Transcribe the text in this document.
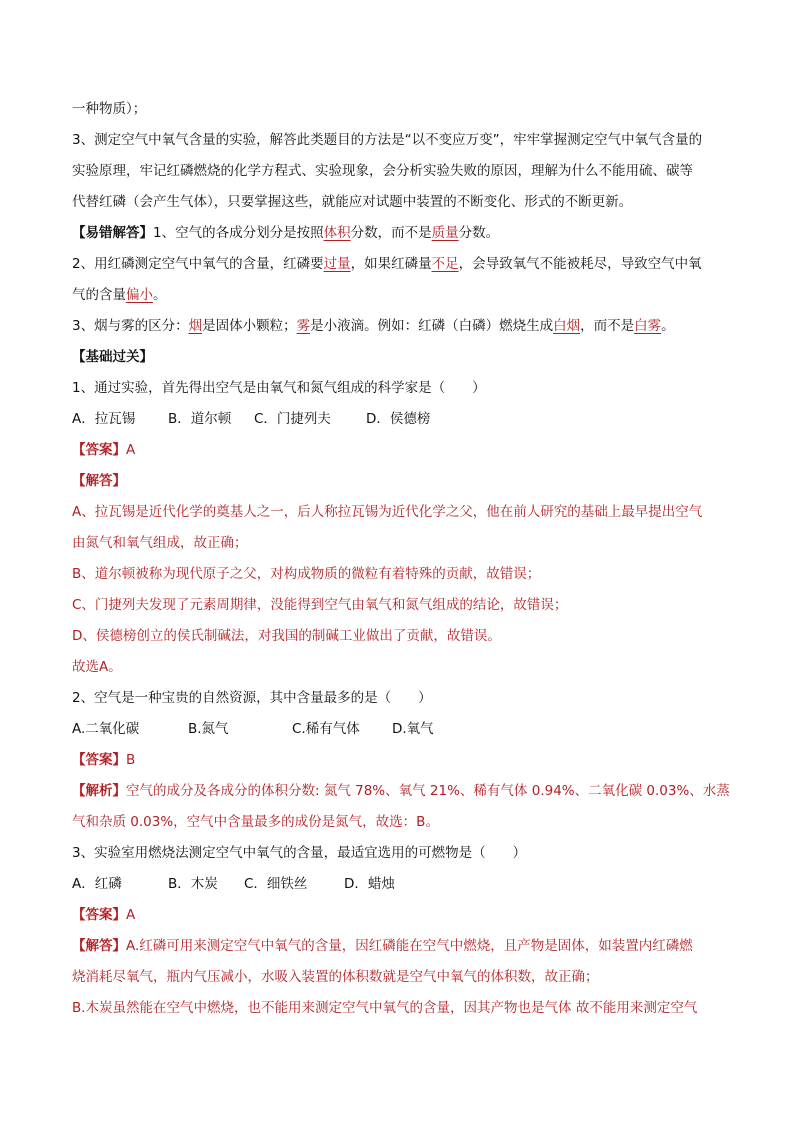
一种物质）；
3、测定空气中氧气含量的实验，解答此类题目的方法是“以不变应万变”，牢牢掌握测定空气中氧气含量的
实验原理，牢记红磷燃烧的化学方程式、实验现象，会分析实验失败的原因，理解为什么不能用硫、碳等
代替红磷（会产生气体），只要掌握这些，就能应对试题中装置的不断变化、形式的不断更新。
【易错解答】1、空气的各成分划分是按照体积分数，而不是质量分数。
2、用红磷测定空气中氧气的含量，红磷要过量，如果红磷量不足，会导致氧气不能被耗尽，导致空气中氧
气的含量偏小。
3、烟与雾的区分：烟是固体小颗粒；雾是小液滴。例如：红磷（白磷）燃烧生成白烟，而不是白雾。
【基础过关】
1、通过实验，首先得出空气是由氧气和氮气组成的科学家是（　　）
A．拉瓦锡 B．道尔顿 C．门捷列夫	D．侯德榜
【答案】A
【解答】
A、拉瓦锡是近代化学的奠基人之一，后人称拉瓦锡为近代化学之父，他在前人研究的基础上最早提出空气
由氮气和氧气组成，故正确；
B、道尔顿被称为现代原子之父，对构成物质的微粒有着特殊的贡献，故错误；
C、门捷列夫发现了元素周期律，没能得到空气由氧气和氮气组成的结论，故错误；
D、侯德榜创立的侯氏制碱法，对我国的制碱工业做出了贡献，故错误。
故选A。
2、空气是一种宝贵的自然资源，其中含量最多的是（　　）
A.二氧化碳	B.氮气	C.稀有气体 D.氧气
【答案】B
【解析】空气的成分及各成分的体积分数: 氮气 78%、氧气 21%、稀有气体 0.94%、二氧化碳 0.03%、水蒸
气和杂质 0.03%，空气中含量最多的成份是氮气，故选：B。
3、实验室用燃烧法测定空气中氧气的含量，最适宜选用的可燃物是（　　）
A．红磷	B．木炭 C．细铁丝	D．蜡烛
【答案】A
【解答】A.红磷可用来测定空气中氧气的含量，因红磷能在空气中燃烧，且产物是固体，如装置内红磷燃
烧消耗尽氧气，瓶内气压减小，水吸入装置的体积数就是空气中氧气的体积数，故正确；
B.木炭虽然能在空气中燃烧，也不能用来测定空气中氧气的含量，因其产物也是气体 故不能用来测定空气
